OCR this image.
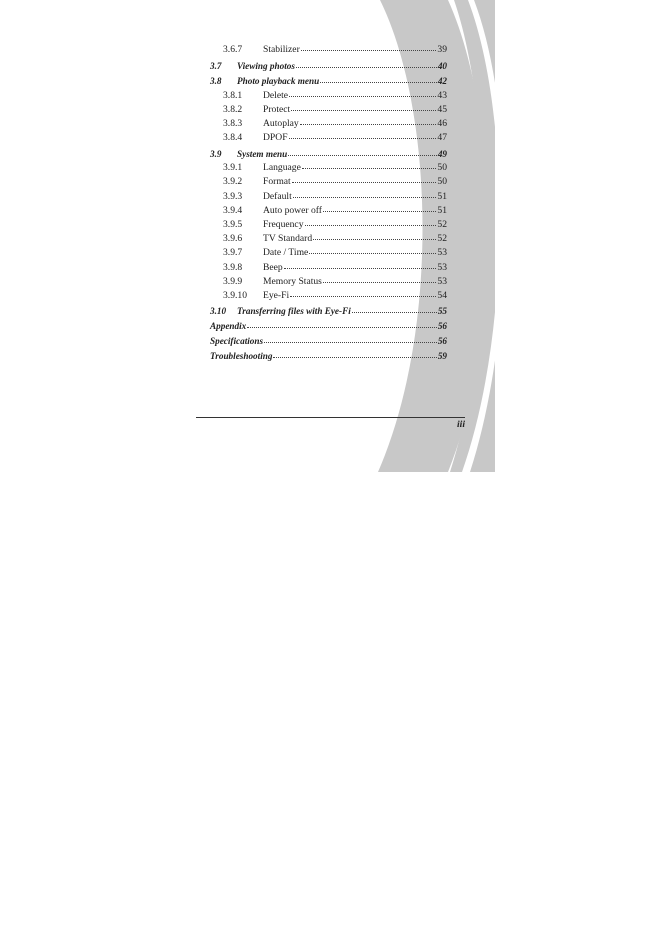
3.6.7	Stabilizer	39
3.7	Viewing photos	40
3.8	Photo playback menu	42
3.8.1	Delete	43
3.8.2	Protect	45
3.8.3	Autoplay	46
3.8.4	DPOF	47
3.9	System menu	49
3.9.1	Language	50
3.9.2	Format	50
3.9.3	Default	51
3.9.4	Auto power off	51
3.9.5	Frequency	52
3.9.6	TV Standard	52
3.9.7	Date / Time	53
3.9.8	Beep	53
3.9.9	Memory Status	53
3.9.10	Eye-Fi	54
3.10	Transferring files with Eye-Fi	55
Appendix	56
Specifications	56
Troubleshooting	59
iii
